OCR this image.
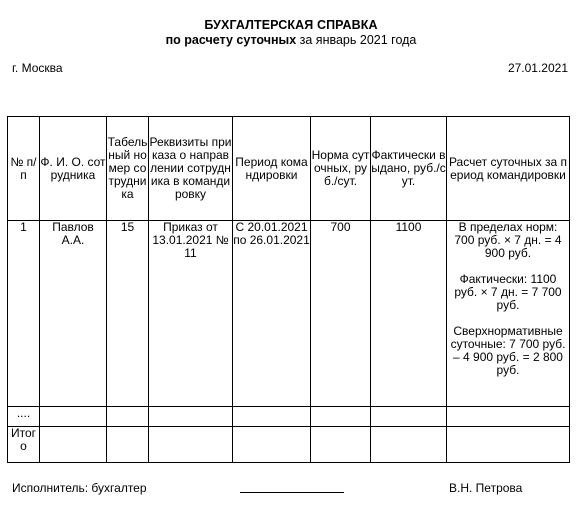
БУХГАЛТЕРСКАЯ СПРАВКА
по расчету суточных за январь 2021 года
г. Москва	27.01.2021
№ п/п	Ф. И. О. сотрудника	Табельный номер сотрудника	Реквизиты приказа о направлении сотрудника в командировку	Период командировки	Норма суточных, руб./сут.	Фактически выдано, руб./сут.	Расчет суточных за период командировки
1	Павлов А.А.	15	Приказ от 13.01.2021 № 11	С 20.01.2021 по 26.01.2021	700	1100	В пределах норм: 700 руб. × 7 дн. = 4 900 руб.
Фактически: 1100 руб. × 7 дн. = 7 700 руб.
Сверхнормативные суточные: 7 700 руб. – 4 900 руб. = 2 800 руб.

....							
Итого							
Исполнитель: бухгалтер	В.Н. Петрова
